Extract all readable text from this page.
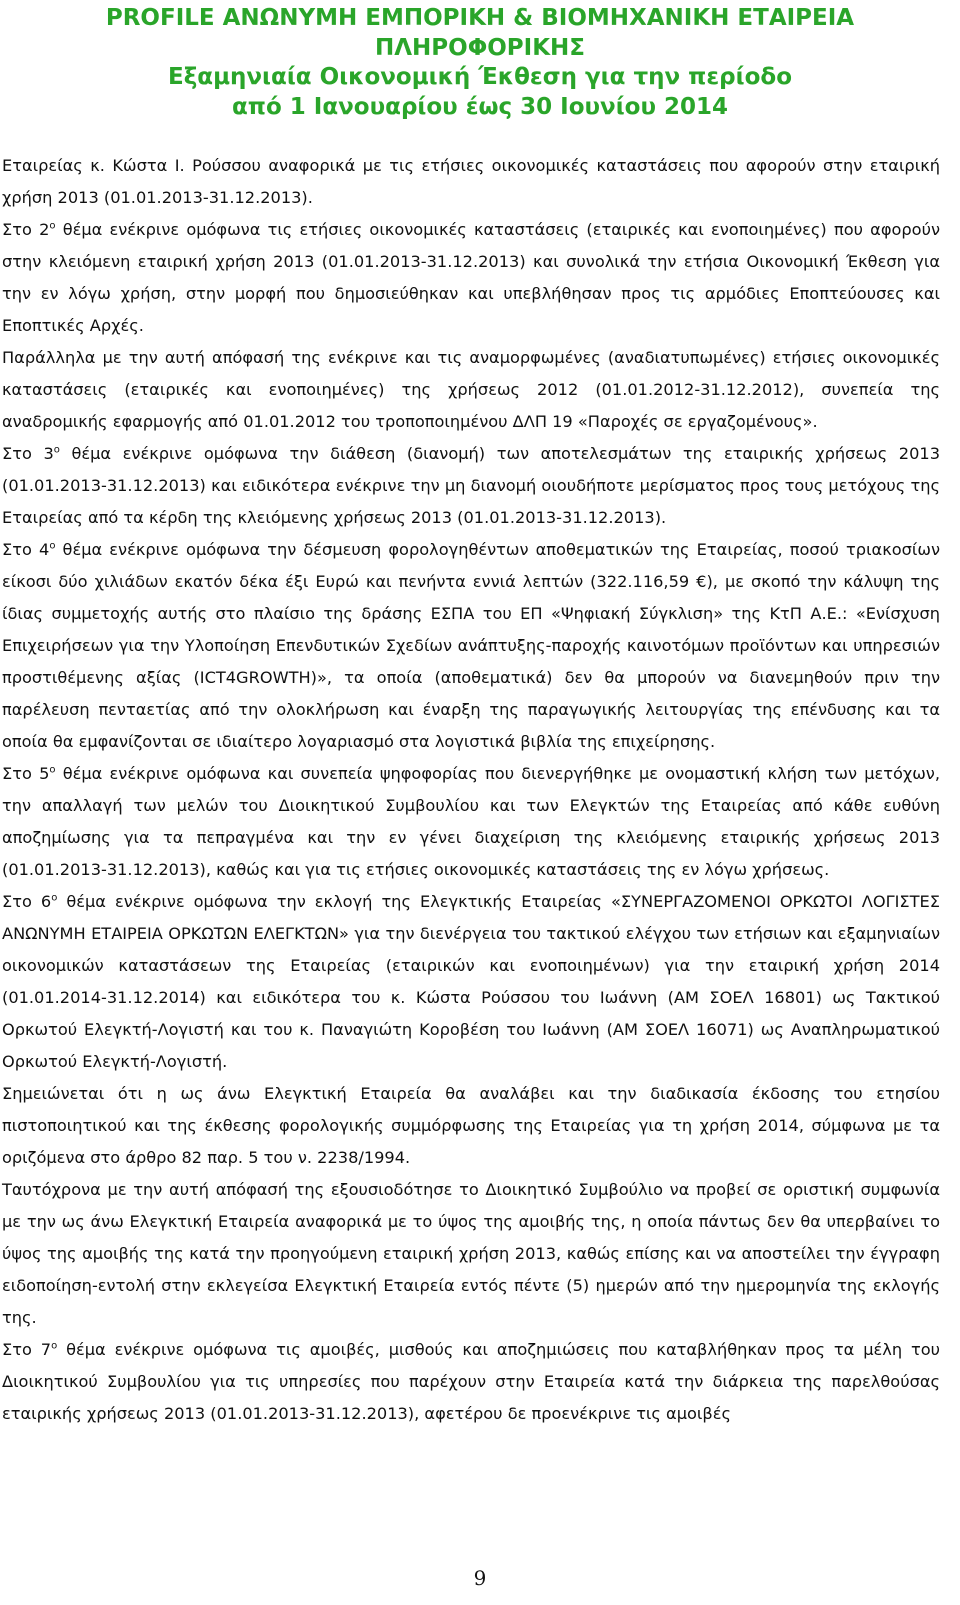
PROFILE ΑΝΩΝΥΜΗ ΕΜΠΟΡΙΚΗ & ΒΙΟΜΗΧΑΝΙΚΗ ΕΤΑΙΡΕΙΑ
ΠΛΗΡΟΦΟΡΙΚΗΣ
Εξαμηνιαία Οικονομική Έκθεση για την περίοδο
από 1 Ιανουαρίου έως 30 Ιουνίου 2014

Εταιρείας κ. Κώστα Ι. Ρούσσου αναφορικά με τις ετήσιες οικονομικές καταστάσεις που αφορούν στην εταιρική χρήση 2013 (01.01.2013-31.12.2013).

Στο $2^o$ θέμα ενέκρινε ομόφωνα τις ετήσιες οικονομικές καταστάσεις (εταιρικές και ενοποιημένες) που αφορούν στην κλειόμενη εταιρική χρήση 2013 (01.01.2013-31.12.2013) και συνολικά την ετήσια Οικονομική Έκθεση για την εν λόγω χρήση, στην μορφή που δημοσιεύθηκαν και υπεβλήθησαν προς τις αρμόδιες Εποπτεύουσες και Εποπτικές Αρχές.

Παράλληλα με την αυτή απόφασή της ενέκρινε και τις αναμορφωμένες (αναδιατυπωμένες) ετήσιες οικονομικές καταστάσεις (εταιρικές και ενοποιημένες) της χρήσεως 2012 (01.01.2012-31.12.2012), συνεπεία της αναδρομικής εφαρμογής από 01.01.2012 του τροποποιημένου ΔΛΠ 19 «Παροχές σε εργαζομένους».

Στο $3^o$ θέμα ενέκρινε ομόφωνα την διάθεση (διανομή) των αποτελεσμάτων της εταιρικής χρήσεως 2013 (01.01.2013-31.12.2013) και ειδικότερα ενέκρινε την μη διανομή οιουδήποτε μερίσματος προς τους μετόχους της Εταιρείας από τα κέρδη της κλειόμενης χρήσεως 2013 (01.01.2013-31.12.2013).

Στο $4^o$ θέμα ενέκρινε ομόφωνα την δέσμευση φορολογηθέντων αποθεματικών της Εταιρείας, ποσού τριακοσίων είκοσι δύο χιλιάδων εκατόν δέκα έξι Ευρώ και πενήντα εννιά λεπτών (322.116,59 €), με σκοπό την κάλυψη της ίδιας συμμετοχής αυτής στο πλαίσιο της δράσης ΕΣΠΑ του ΕΠ «Ψηφιακή Σύγκλιση» της ΚτΠ Α.Ε.: «Ενίσχυση Επιχειρήσεων για την Υλοποίηση Επενδυτικών Σχεδίων ανάπτυξης-παροχής καινοτόμων προϊόντων και υπηρεσιών προστιθέμενης αξίας (ICT4GROWTH)», τα οποία (αποθεματικά) δεν θα μπορούν να διανεμηθούν πριν την παρέλευση πενταετίας από την ολοκλήρωση και έναρξη της παραγωγικής λειτουργίας της επένδυσης και τα οποία θα εμφανίζονται σε ιδιαίτερο λογαριασμό στα λογιστικά βιβλία της επιχείρησης.

Στο $5^o$ θέμα ενέκρινε ομόφωνα και συνεπεία ψηφοφορίας που διενεργήθηκε με ονομαστική κλήση των μετόχων, την απαλλαγή των μελών του Διοικητικού Συμβουλίου και των Ελεγκτών της Εταιρείας από κάθε ευθύνη αποζημίωσης για τα πεπραγμένα και την εν γένει διαχείριση της κλειόμενης εταιρικής χρήσεως 2013 (01.01.2013-31.12.2013), καθώς και για τις ετήσιες οικονομικές καταστάσεις της εν λόγω χρήσεως.

Στο $6^o$ θέμα ενέκρινε ομόφωνα την εκλογή της Ελεγκτικής Εταιρείας «ΣΥΝΕΡΓΑΖΟΜΕΝΟΙ ΟΡΚΩΤΟΙ ΛΟΓΙΣΤΕΣ ΑΝΩΝΥΜΗ ΕΤΑΙΡΕΙΑ ΟΡΚΩΤΩΝ ΕΛΕΓΚΤΩΝ» για την διενέργεια του τακτικού ελέγχου των ετήσιων και εξαμηνιαίων οικονομικών καταστάσεων της Εταιρείας (εταιρικών και ενοποιημένων) για την εταιρική χρήση 2014 (01.01.2014-31.12.2014) και ειδικότερα του κ. Κώστα Ρούσσου του Ιωάννη (ΑΜ ΣΟΕΛ 16801) ως Τακτικού Ορκωτού Ελεγκτή-Λογιστή και του κ. Παναγιώτη Κοροβέση του Ιωάννη (ΑΜ ΣΟΕΛ 16071) ως Αναπληρωματικού Ορκωτού Ελεγκτή-Λογιστή.

Σημειώνεται ότι η ως άνω Ελεγκτική Εταιρεία θα αναλάβει και την διαδικασία έκδοσης του ετησίου πιστοποιητικού και της έκθεσης φορολογικής συμμόρφωσης της Εταιρείας για τη χρήση 2014, σύμφωνα με τα οριζόμενα στο άρθρο 82 παρ. 5 του ν. 2238/1994.

Ταυτόχρονα με την αυτή απόφασή της εξουσιοδότησε το Διοικητικό Συμβούλιο να προβεί σε οριστική συμφωνία με την ως άνω Ελεγκτική Εταιρεία αναφορικά με το ύψος της αμοιβής της, η οποία πάντως δεν θα υπερβαίνει το ύψος της αμοιβής της κατά την προηγούμενη εταιρική χρήση 2013, καθώς επίσης και να αποστείλει την έγγραφη ειδοποίηση-εντολή στην εκλεγείσα Ελεγκτική Εταιρεία εντός πέντε (5) ημερών από την ημερομηνία της εκλογής της.

Στο $7^o$ θέμα ενέκρινε ομόφωνα τις αμοιβές, μισθούς και αποζημιώσεις που καταβλήθηκαν προς τα μέλη του Διοικητικού Συμβουλίου για τις υπηρεσίες που παρέχουν στην Εταιρεία κατά την διάρκεια της παρελθούσας εταιρικής χρήσεως 2013 (01.01.2013-31.12.2013), αφετέρου δε προενέκρινε τις αμοιβές

9
